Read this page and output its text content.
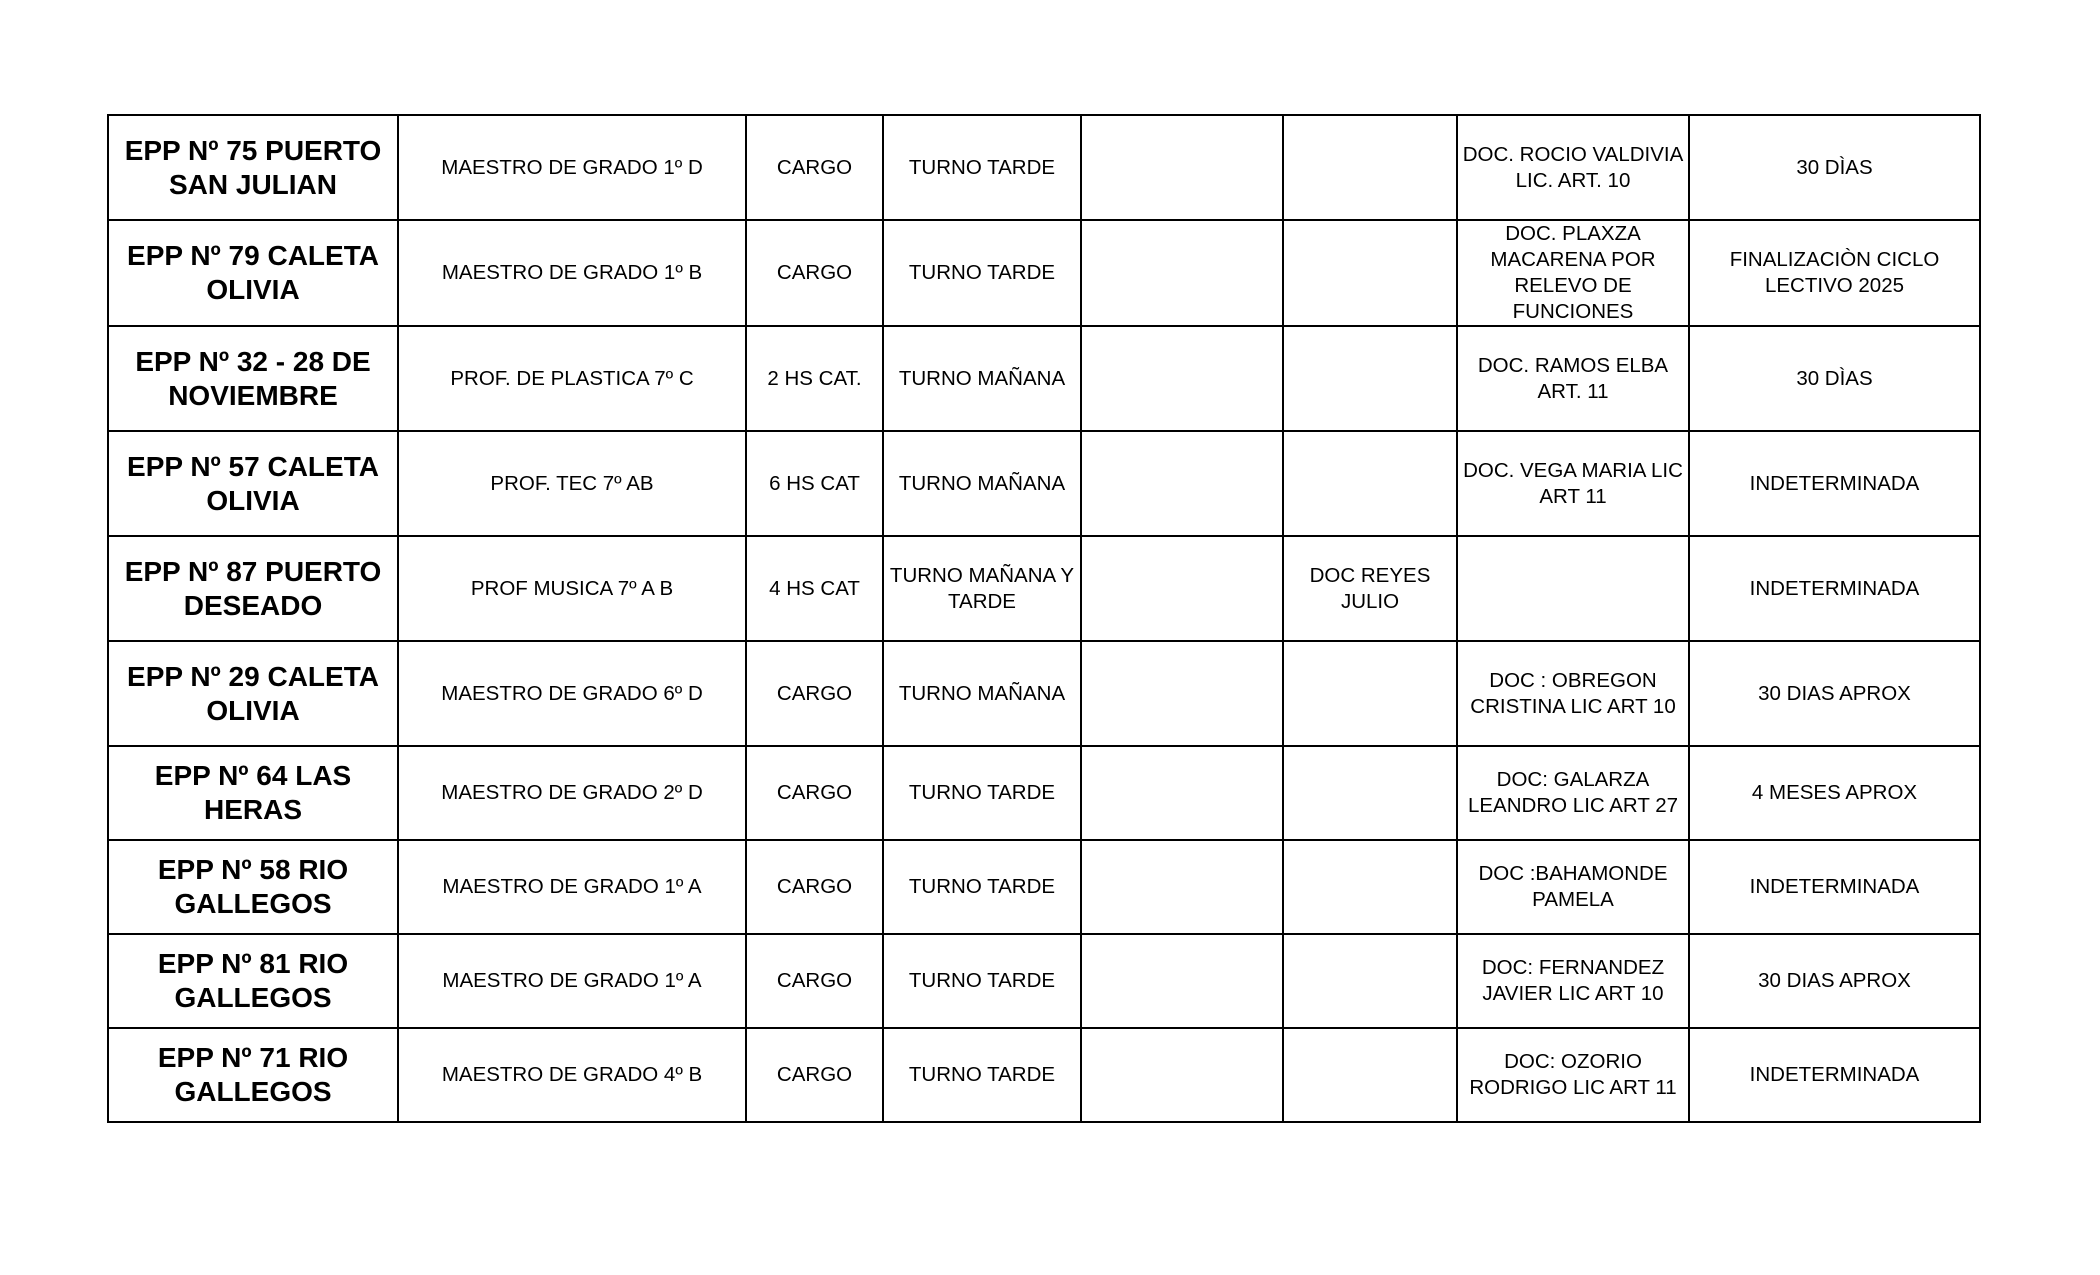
EPP Nº 75 PUERTO SAN JULIAN	MAESTRO DE GRADO 1º D	CARGO	TURNO TARDE			DOC. ROCIO VALDIVIA LIC. ART. 10	30 DÌAS
EPP Nº 79 CALETA OLIVIA	MAESTRO DE GRADO 1º B	CARGO	TURNO TARDE			DOC. PLAXZA MACARENA POR RELEVO DE FUNCIONES	FINALIZACIÒN CICLO LECTIVO 2025
EPP Nº 32 - 28 DE NOVIEMBRE	PROF. DE PLASTICA 7º C	2 HS CAT.	TURNO MAÑANA			DOC. RAMOS ELBA ART. 11	30 DÌAS
EPP Nº 57 CALETA OLIVIA	PROF. TEC 7º AB	6 HS CAT	TURNO MAÑANA			DOC. VEGA MARIA LIC ART 11	INDETERMINADA
EPP Nº 87 PUERTO DESEADO	PROF MUSICA 7º A B	4 HS CAT	TURNO MAÑANA Y TARDE		DOC REYES JULIO		INDETERMINADA
EPP Nº 29 CALETA OLIVIA	MAESTRO DE GRADO 6º D	CARGO	TURNO MAÑANA			DOC : OBREGON CRISTINA LIC ART 10	30 DIAS APROX
EPP Nº 64 LAS HERAS	MAESTRO DE GRADO 2º D	CARGO	TURNO TARDE			DOC: GALARZA LEANDRO LIC ART 27	4 MESES APROX
EPP Nº 58 RIO GALLEGOS	MAESTRO DE GRADO 1º A	CARGO	TURNO TARDE			DOC :BAHAMONDE PAMELA	INDETERMINADA
EPP Nº 81 RIO GALLEGOS	MAESTRO DE GRADO 1º A	CARGO	TURNO TARDE			DOC: FERNANDEZ JAVIER LIC ART 10	30 DIAS APROX
EPP Nº 71 RIO GALLEGOS	MAESTRO DE GRADO 4º B	CARGO	TURNO TARDE			DOC: OZORIO RODRIGO LIC ART 11	INDETERMINADA
